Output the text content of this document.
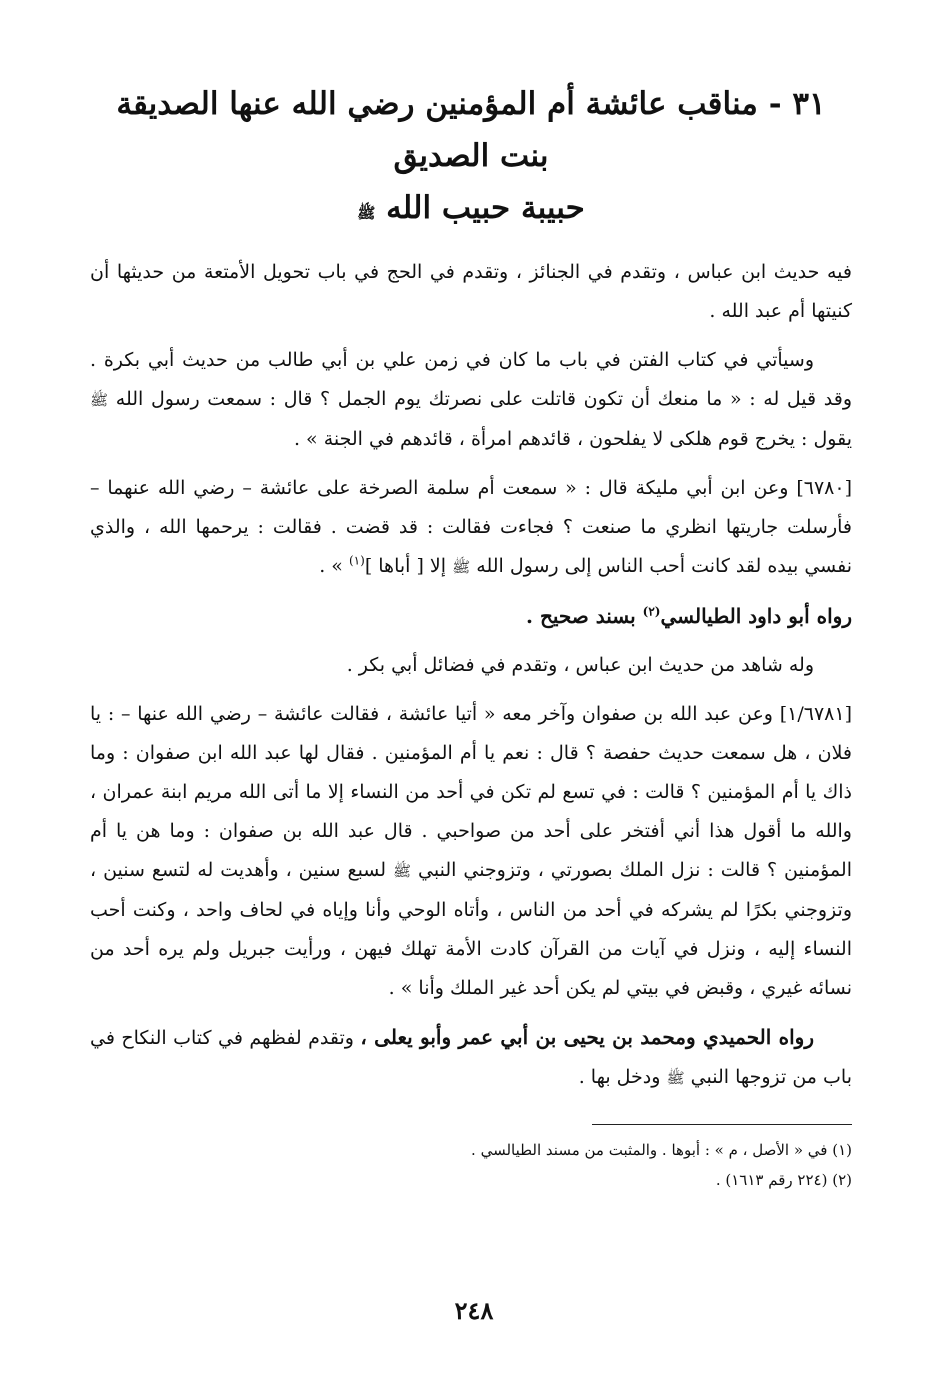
٣١ - مناقب عائشة أم المؤمنين رضي الله عنها الصديقة بنت الصديق
حبيبة حبيب الله ﷺ

فيه حديث ابن عباس ، وتقدم في الجنائز ، وتقدم في الحج في باب تحويل الأمتعة من حديثها أن كنيتها أم عبد الله .

وسيأتي في كتاب الفتن في باب ما كان في زمن علي بن أبي طالب من حديث أبي بكرة . وقد قيل له : « ما منعك أن تكون قاتلت على نصرتك يوم الجمل ؟ قال : سمعت رسول الله ﷺ يقول : يخرج قوم هلكى لا يفلحون ، قائدهم امرأة ، قائدهم في الجنة » .

[٦٧٨٠] وعن ابن أبي مليكة قال : « سمعت أم سلمة الصرخة على عائشة – رضي الله عنهما – فأرسلت جاريتها انظري ما صنعت ؟ فجاءت فقالت : قد قضت . فقالت : يرحمها الله ، والذي نفسي بيده لقد كانت أحب الناس إلى رسول الله ﷺ إلا [ أباها ]$^{(١)}$ » .

رواه أبو داود الطيالسي$^{(٢)}$ بسند صحيح .

وله شاهد من حديث ابن عباس ، وتقدم في فضائل أبي بكر .

[١/٦٧٨١] وعن عبد الله بن صفوان وآخر معه « أتيا عائشة ، فقالت عائشة – رضي الله عنها – : يا فلان ، هل سمعت حديث حفصة ؟ قال : نعم يا أم المؤمنين . فقال لها عبد الله ابن صفوان : وما ذاك يا أم المؤمنين ؟ قالت : في تسع لم تكن في أحد من النساء إلا ما أتى الله مريم ابنة عمران ، والله ما أقول هذا أني أفتخر على أحد من صواحبي . قال عبد الله بن صفوان : وما هن يا أم المؤمنين ؟ قالت : نزل الملك بصورتي ، وتزوجني النبي ﷺ لسبع سنين ، وأهديت له لتسع سنين ، وتزوجني بكرًا لم يشركه في أحد من الناس ، وأتاه الوحي وأنا وإياه في لحاف واحد ، وكنت أحب النساء إليه ، ونزل في آيات من القرآن كادت الأمة تهلك فيهن ، ورأيت جبريل ولم يره أحد من نسائه غيري ، وقبض في بيتي لم يكن أحد غير الملك وأنا » .

رواه الحميدي ومحمد بن يحيى بن أبي عمر وأبو يعلى ، وتقدم لفظهم في كتاب النكاح في باب من تزوجها النبي ﷺ ودخل بها .

(١) في « الأصل ، م » : أبوها . والمثبت من مسند الطيالسي .

(٢) (٢٢٤ رقم ١٦١٣) .

٢٤٨
